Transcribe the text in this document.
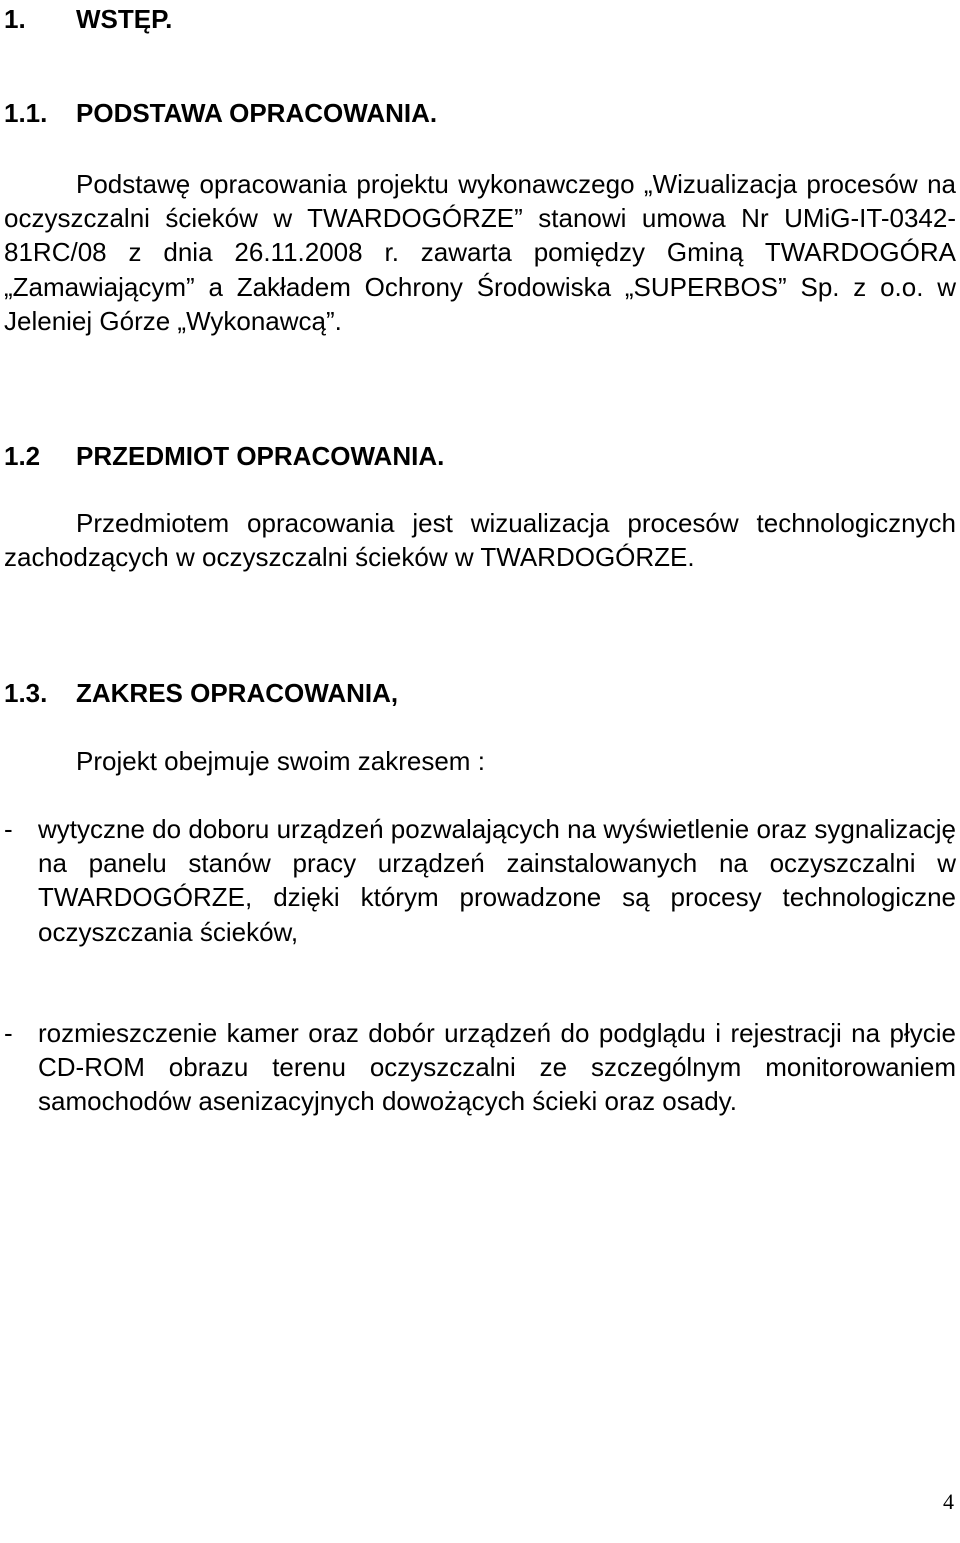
1. WSTĘP.
1.1. PODSTAWA OPRACOWANIA.

Podstawę opracowania projektu wykonawczego „Wizualizacja procesów na oczyszczalni ścieków w TWARDOGÓRZE” stanowi umowa Nr UMiG-IT-0342-81RC/08 z dnia 26.11.2008 r. zawarta pomiędzy Gminą TWARDOGÓRA „Zamawiającym” a Zakładem Ochrony Środowiska „SUPERBOS” Sp. z o.o. w Jeleniej Górze „Wykonawcą”.

1.2 PRZEDMIOT OPRACOWANIA.

Przedmiotem opracowania jest wizualizacja procesów technologicznych zachodzących w oczyszczalni ścieków w TWARDOGÓRZE.

1.3. ZAKRES OPRACOWANIA,
Projekt obejmuje swoim zakresem :
- wytyczne do doboru urządzeń pozwalających na wyświetlenie oraz sygnalizację na panelu stanów pracy urządzeń zainstalowanych na oczyszczalni w TWARDOGÓRZE, dzięki którym prowadzone są procesy technologiczne oczyszczania ścieków,
- rozmieszczenie kamer oraz dobór urządzeń do podglądu i rejestracji na płycie CD-ROM obrazu terenu oczyszczalni ze szczególnym monitorowaniem samochodów asenizacyjnych dowożących ścieki oraz osady.
4
